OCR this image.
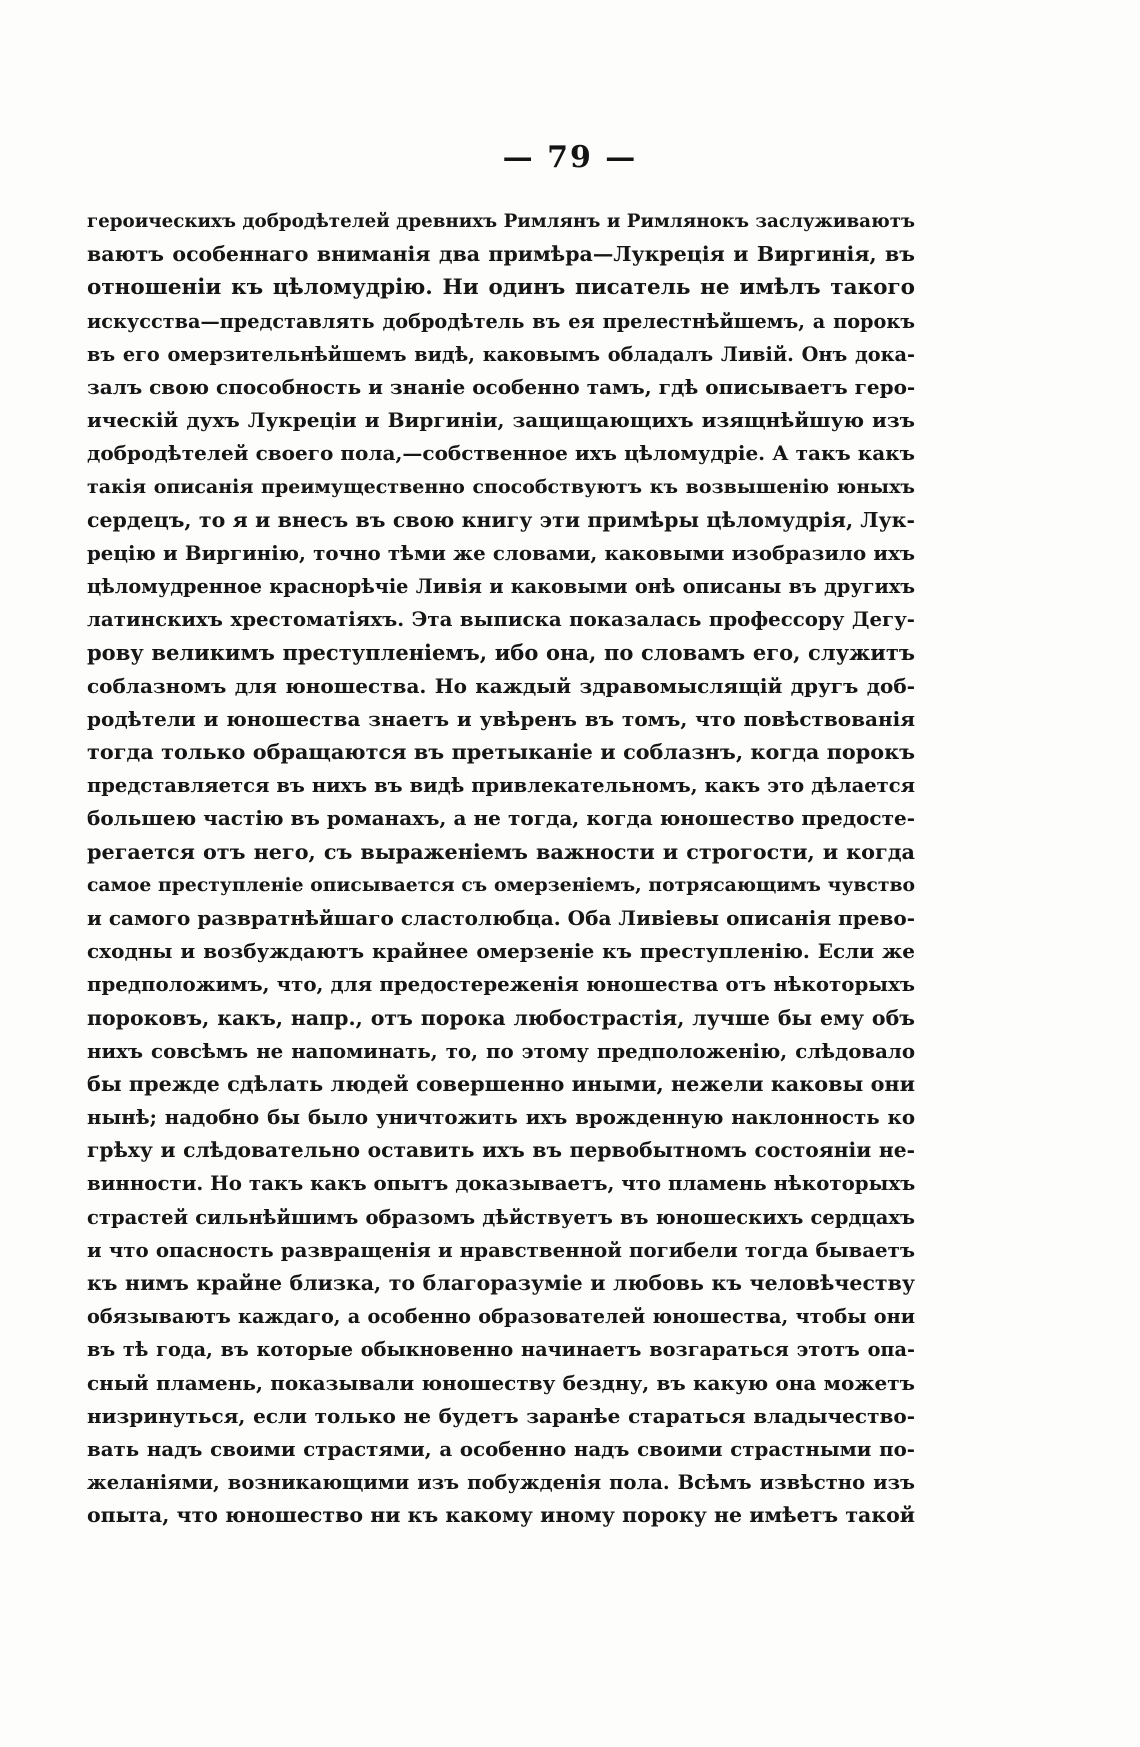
— 79 —
героическихъ добродѣтелей древнихъ Римлянъ и Римлянокъ заслуживаютъ
ваютъ особеннаго вниманія два примѣра—Лукреція и Виргинія, въ
отношеніи къ цѣломудрію. Ни одинъ писатель не имѣлъ такого
искусства—представлять добродѣтель въ ея прелестнѣйшемъ, а порокъ
въ его омерзительнѣйшемъ видѣ, каковымъ обладалъ Ливій. Онъ дока-
залъ свою способность и знаніе особенно тамъ, гдѣ описываетъ геро-
ическій духъ Лукреціи и Виргиніи, защищающихъ изящнѣйшую изъ
добродѣтелей своего пола,—собственное ихъ цѣломудріе. А такъ какъ
такія описанія преимущественно способствуютъ къ возвышенію юныхъ
сердецъ, то я и внесъ въ свою книгу эти примѣры цѣломудрія, Лук-
рецію и Виргинію, точно тѣми же словами, каковыми изобразило ихъ
цѣломудренное краснорѣчіе Ливія и каковыми онѣ описаны въ другихъ
латинскихъ хрестоматіяхъ. Эта выписка показалась профессору Дегу-
рову великимъ преступленіемъ, ибо она, по словамъ его, служитъ
соблазномъ для юношества. Но каждый здравомыслящій другъ доб-
родѣтели и юношества знаетъ и увѣренъ въ томъ, что повѣствованія
тогда только обращаются въ претыканіе и соблазнъ, когда порокъ
представляется въ нихъ въ видѣ привлекательномъ, какъ это дѣлается
большею частію въ романахъ, а не тогда, когда юношество предосте-
регается отъ него, съ выраженіемъ важности и строгости, и когда
самое преступленіе описывается съ омерзеніемъ, потрясающимъ чувство
и самого развратнѣйшаго сластолюбца. Оба Ливіевы описанія прево-
сходны и возбуждаютъ крайнее омерзеніе къ преступленію. Если же
предположимъ, что, для предостереженія юношества отъ нѣкоторыхъ
пороковъ, какъ, напр., отъ порока любострастія, лучше бы ему объ
нихъ совсѣмъ не напоминать, то, по этому предположенію, слѣдовало
бы прежде сдѣлать людей совершенно иными, нежели каковы они
нынѣ; надобно бы было уничтожить ихъ врожденную наклонность ко
грѣху и слѣдовательно оставить ихъ въ первобытномъ состояніи не-
винности. Но такъ какъ опытъ доказываетъ, что пламень нѣкоторыхъ
страстей сильнѣйшимъ образомъ дѣйствуетъ въ юношескихъ сердцахъ
и что опасность развращенія и нравственной погибели тогда бываетъ
къ нимъ крайне близка, то благоразуміе и любовь къ человѣчеству
обязываютъ каждаго, а особенно образователей юношества, чтобы они
въ тѣ года, въ которые обыкновенно начинаетъ возгараться этотъ опа-
сный пламень, показывали юношеству бездну, въ какую она можетъ
низринуться, если только не будетъ заранѣе стараться владычество-
вать надъ своими страстями, а особенно надъ своими страстными по-
желаніями, возникающими изъ побужденія пола. Всѣмъ извѣстно изъ
опыта, что юношество ни къ какому иному пороку не имѣетъ такой
